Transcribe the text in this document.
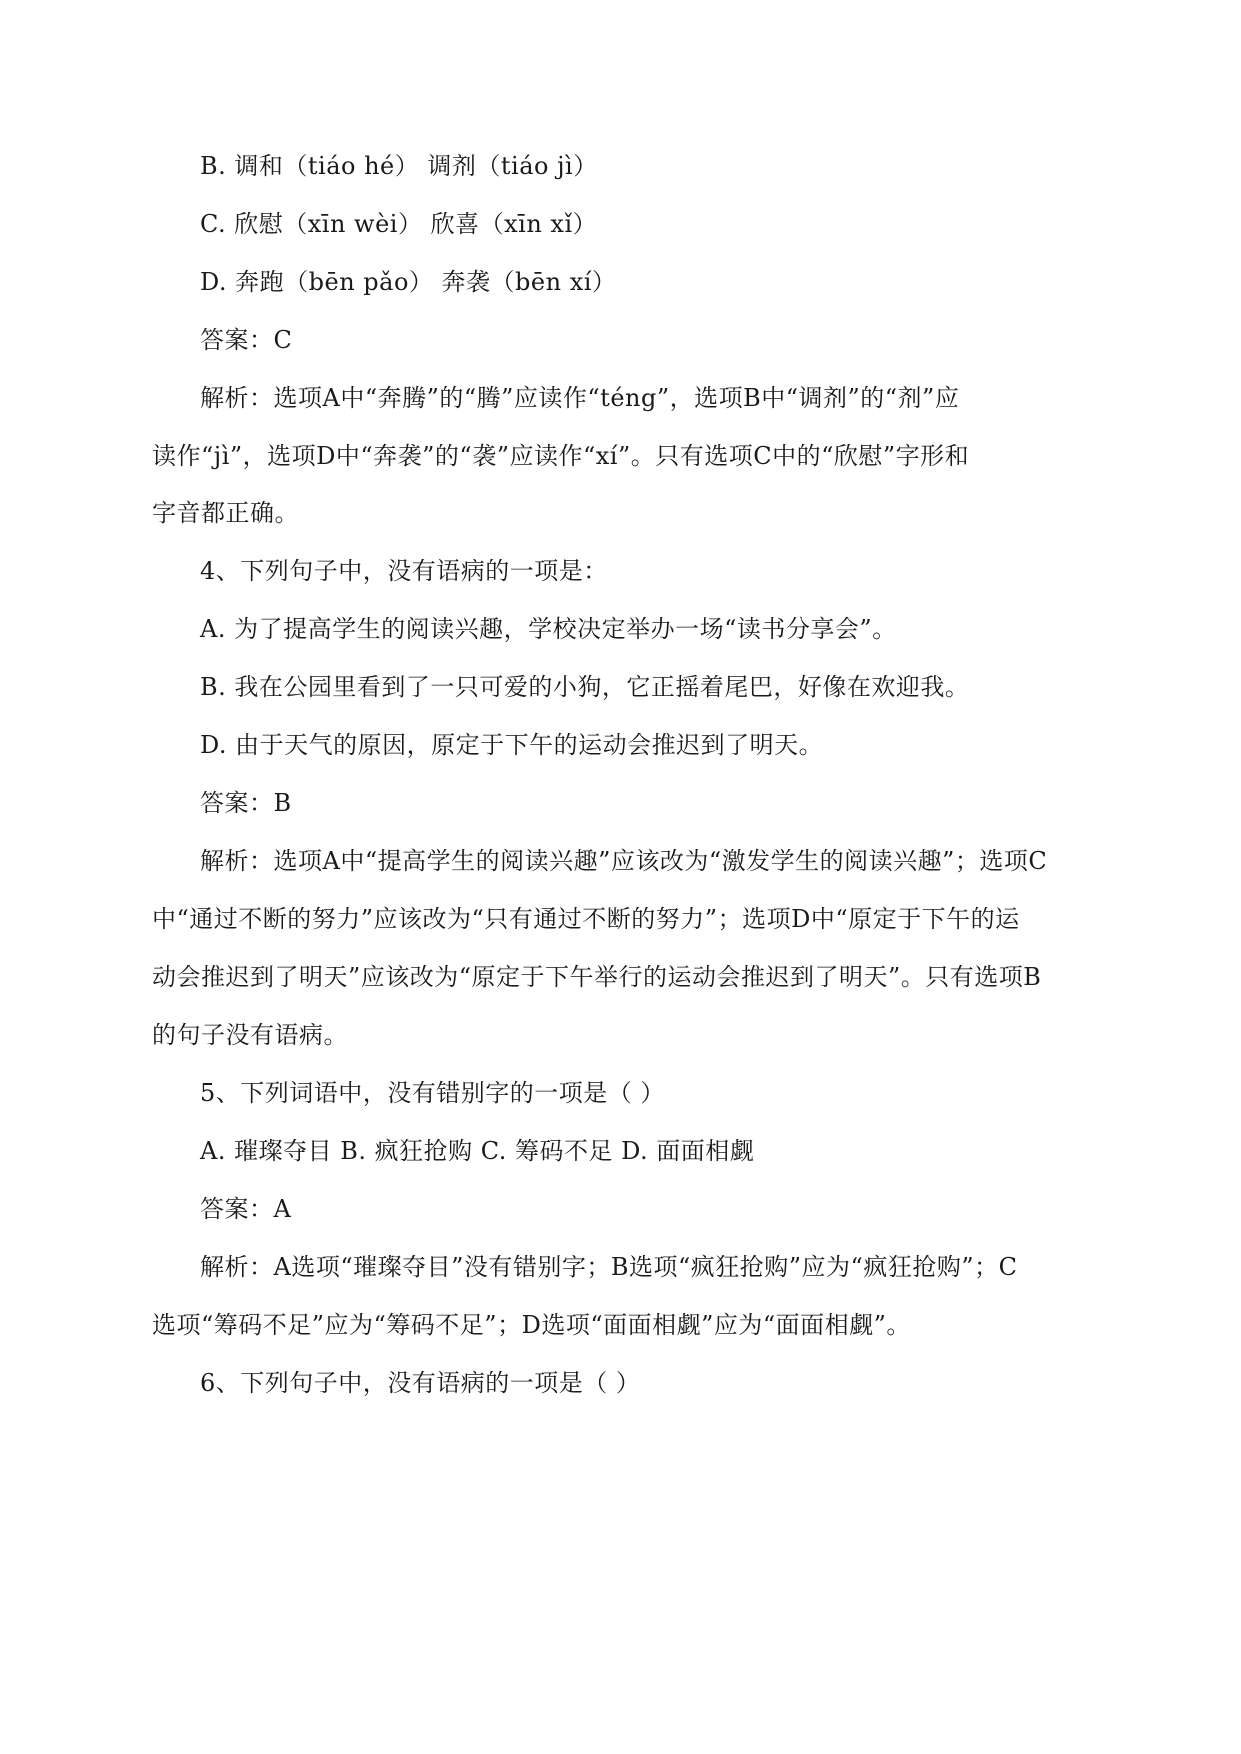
B. 调和（tiáo hé） 调剂（tiáo jì）
C. 欣慰（xīn wèi） 欣喜（xīn xǐ）
D. 奔跑（bēn pǎo） 奔袭（bēn xí）
答案：C
解析：选项A中“奔腾”的“腾”应读作“téng”，选项B中“调剂”的“剂”应
读作“jì”，选项D中“奔袭”的“袭”应读作“xí”。只有选项C中的“欣慰”字形和
字音都正确。
4、下列句子中，没有语病的一项是：
A. 为了提高学生的阅读兴趣，学校决定举办一场“读书分享会”。
B. 我在公园里看到了一只可爱的小狗，它正摇着尾巴，好像在欢迎我。
D. 由于天气的原因，原定于下午的运动会推迟到了明天。
答案：B
解析：选项A中“提高学生的阅读兴趣”应该改为“激发学生的阅读兴趣”；选项C
中“通过不断的努力”应该改为“只有通过不断的努力”；选项D中“原定于下午的运
动会推迟到了明天”应该改为“原定于下午举行的运动会推迟到了明天”。只有选项B
的句子没有语病。
5、下列词语中，没有错别字的一项是（ ）
A. 璀璨夺目 B. 疯狂抢购 C. 筹码不足 D. 面面相觑
答案：A
解析：A选项“璀璨夺目”没有错别字；B选项“疯狂抢购”应为“疯狂抢购”；C
选项“筹码不足”应为“筹码不足”；D选项“面面相觑”应为“面面相觑”。
6、下列句子中，没有语病的一项是（ ）
